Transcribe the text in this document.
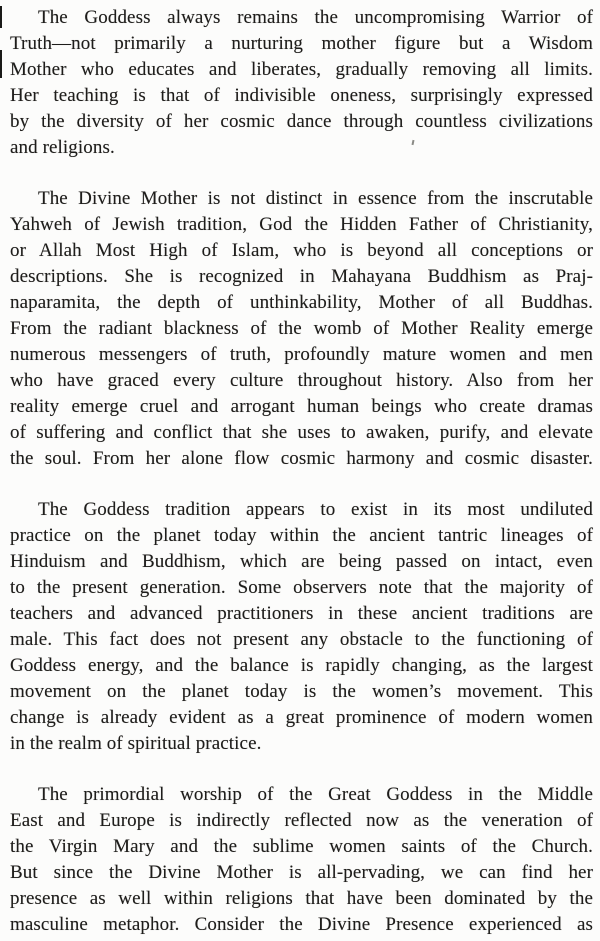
The Goddess always remains the uncompromising Warrior of
Truth—not primarily a nurturing mother figure but a Wisdom
Mother who educates and liberates, gradually removing all limits.
Her teaching is that of indivisible oneness, surprisingly expressed
by the diversity of her cosmic dance through countless civilizations
and religions.
The Divine Mother is not distinct in essence from the inscrutable
Yahweh of Jewish tradition, God the Hidden Father of Christianity,
or Allah Most High of Islam, who is beyond all conceptions or
descriptions. She is recognized in Mahayana Buddhism as Praj-
naparamita, the depth of unthinkability, Mother of all Buddhas.
From the radiant blackness of the womb of Mother Reality emerge
numerous messengers of truth, profoundly mature women and men
who have graced every culture throughout history. Also from her
reality emerge cruel and arrogant human beings who create dramas
of suffering and conflict that she uses to awaken, purify, and elevate
the soul. From her alone flow cosmic harmony and cosmic disaster.
The Goddess tradition appears to exist in its most undiluted
practice on the planet today within the ancient tantric lineages of
Hinduism and Buddhism, which are being passed on intact, even
to the present generation. Some observers note that the majority of
teachers and advanced practitioners in these ancient traditions are
male. This fact does not present any obstacle to the functioning of
Goddess energy, and the balance is rapidly changing, as the largest
movement on the planet today is the women’s movement. This
change is already evident as a great prominence of modern women
in the realm of spiritual practice.
The primordial worship of the Great Goddess in the Middle
East and Europe is indirectly reflected now as the veneration of
the Virgin Mary and the sublime women saints of the Church.
But since the Divine Mother is all-pervading, we can find her
presence as well within religions that have been dominated by the
masculine metaphor. Consider the Divine Presence experienced as
